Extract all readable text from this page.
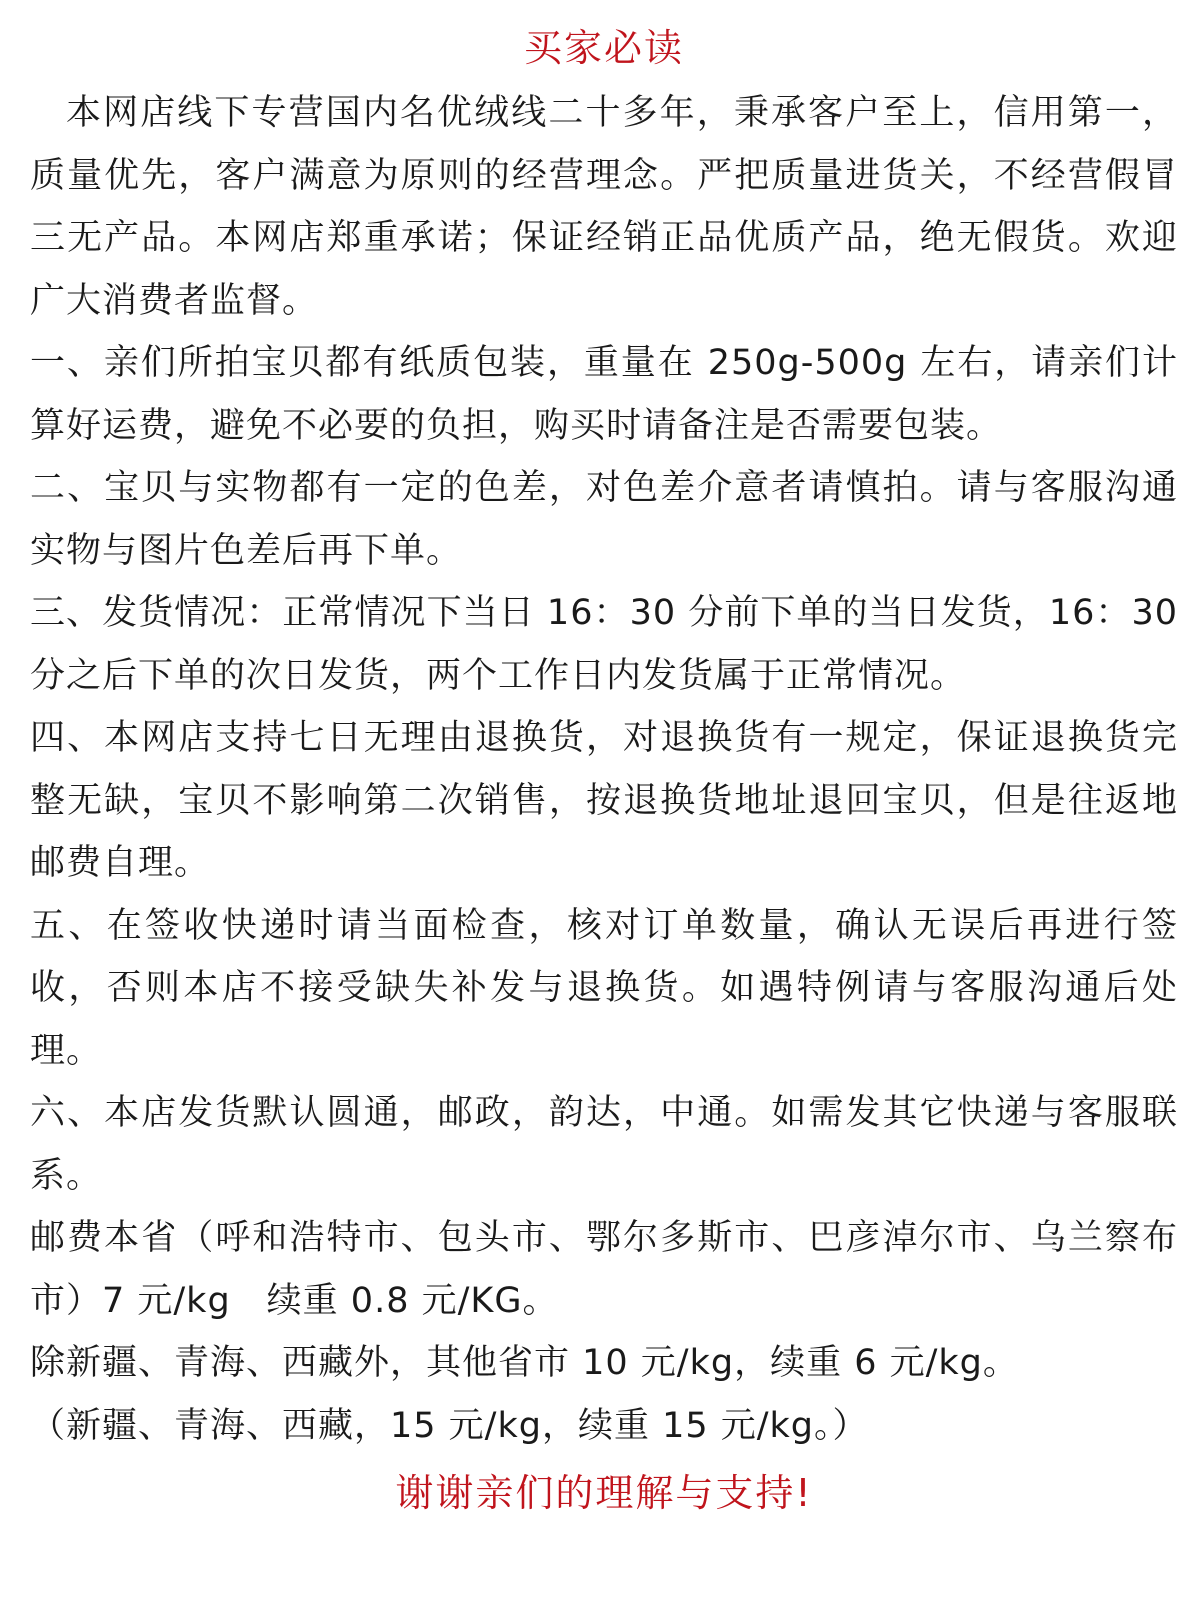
买家必读

本网店线下专营国内名优绒线二十多年，秉承客户至上，信用第一，质量优先，客户满意为原则的经营理念。严把质量进货关，不经营假冒三无产品。本网店郑重承诺；保证经销正品优质产品，绝无假货。欢迎广大消费者监督。

一、亲们所拍宝贝都有纸质包装，重量在 250g-500g 左右，请亲们计算好运费，避免不必要的负担，购买时请备注是否需要包装。

二、宝贝与实物都有一定的色差，对色差介意者请慎拍。请与客服沟通实物与图片色差后再下单。

三、发货情况：正常情况下当日 16：30 分前下单的当日发货，16：30 分之后下单的次日发货，两个工作日内发货属于正常情况。

四、本网店支持七日无理由退换货，对退换货有一规定，保证退换货完整无缺，宝贝不影响第二次销售，按退换货地址退回宝贝，但是往返地邮费自理。

五、在签收快递时请当面检查，核对订单数量，确认无误后再进行签收，否则本店不接受缺失补发与退换货。如遇特例请与客服沟通后处理。

六、本店发货默认圆通，邮政，韵达，中通。如需发其它快递与客服联系。

邮费本省（呼和浩特市、包头市、鄂尔多斯市、巴彦淖尔市、乌兰察布市）7 元/kg　续重 0.8 元/KG。

除新疆、青海、西藏外，其他省市 10 元/kg，续重 6 元/kg。

（新疆、青海、西藏，15 元/kg，续重 15 元/kg。）

谢谢亲们的理解与支持!
